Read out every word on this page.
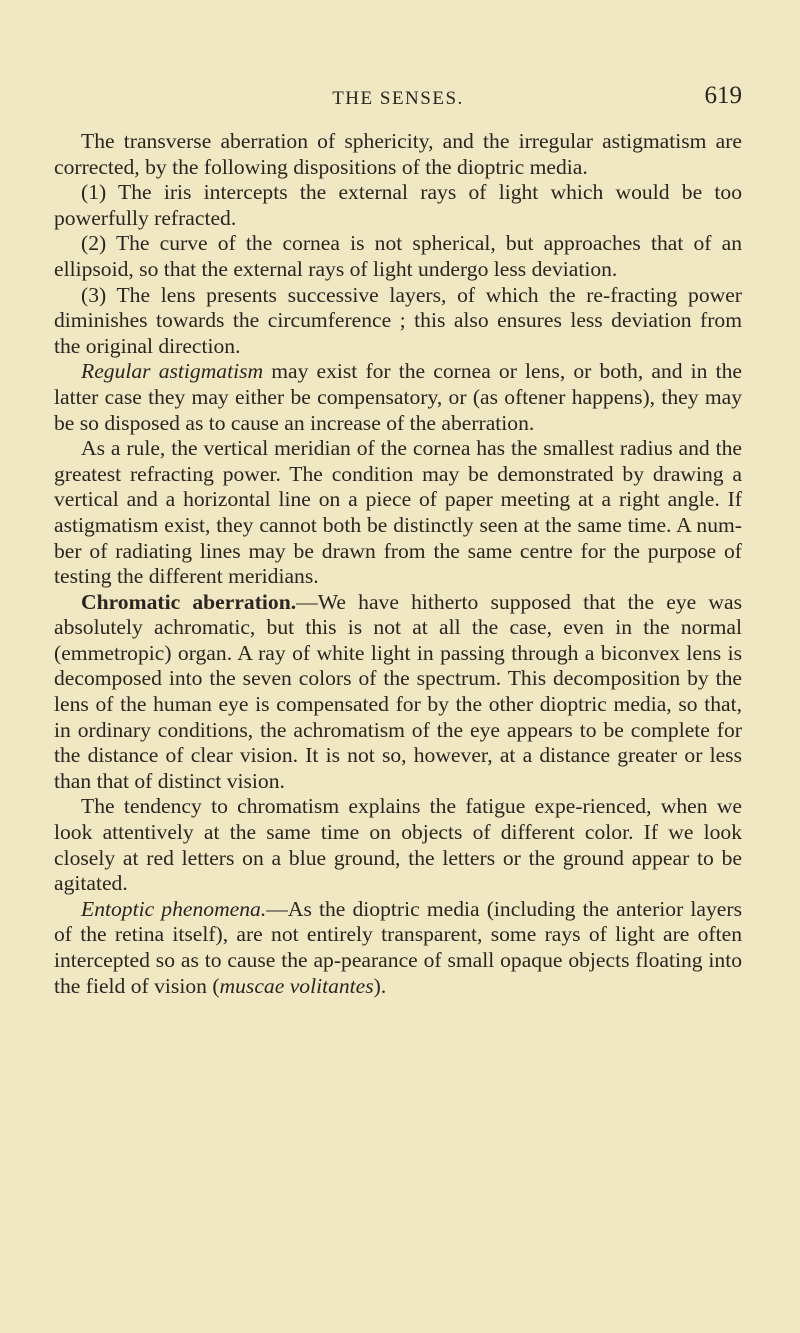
THE SENSES.	619

The transverse aberration of sphericity, and the irregular astigmatism are corrected, by the following dispositions of the dioptric media.

(1) The iris intercepts the external rays of light which would be too powerfully refracted.

(2) The curve of the cornea is not spherical, but approaches that of an ellipsoid, so that the external rays of light undergo less deviation.

(3) The lens presents successive layers, of which the re-fracting power diminishes towards the circumference ; this also ensures less deviation from the original direction.

Regular astigmatism may exist for the cornea or lens, or both, and in the latter case they may either be compensatory, or (as oftener happens), they may be so disposed as to cause an increase of the aberration.

As a rule, the vertical meridian of the cornea has the smallest radius and the greatest refracting power. The condition may be demonstrated by drawing a vertical and a horizontal line on a piece of paper meeting at a right angle. If astigmatism exist, they cannot both be distinctly seen at the same time. A num-ber of radiating lines may be drawn from the same centre for the purpose of testing the different meridians.

Chromatic aberration.—We have hitherto supposed that the eye was absolutely achromatic, but this is not at all the case, even in the normal (emmetropic) organ. A ray of white light in passing through a biconvex lens is decomposed into the seven colors of the spectrum. This decomposition by the lens of the human eye is compensated for by the other dioptric media, so that, in ordinary conditions, the achromatism of the eye appears to be complete for the distance of clear vision. It is not so, however, at a distance greater or less than that of distinct vision.

The tendency to chromatism explains the fatigue expe-rienced, when we look attentively at the same time on objects of different color. If we look closely at red letters on a blue ground, the letters or the ground appear to be agitated.

Entoptic phenomena.—As the dioptric media (including the anterior layers of the retina itself), are not entirely transparent, some rays of light are often intercepted so as to cause the ap-pearance of small opaque objects floating into the field of vision (muscae volitantes).
